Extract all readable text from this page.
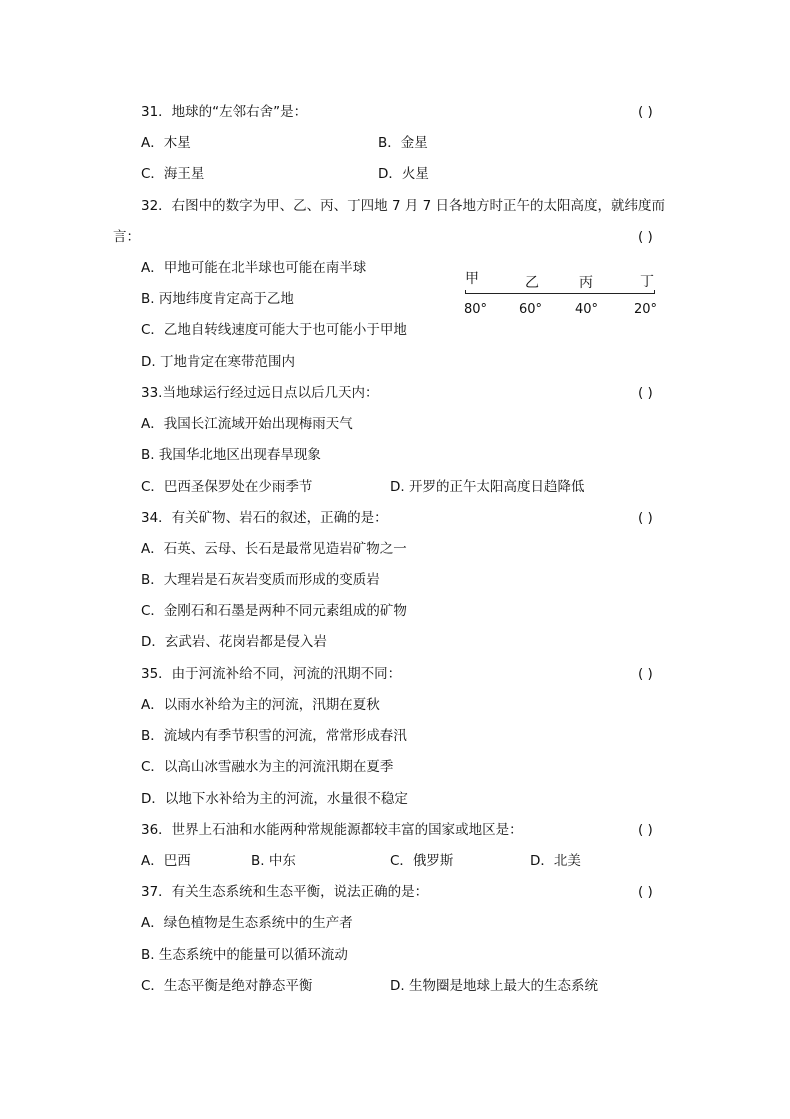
31．地球的“左邻右舍”是：	( )
A．木星	B．金星
C．海王星	D．火星
32．右图中的数字为甲、乙、丙、丁四地 7 月 7 日各地方时正午的太阳高度，就纬度而
言：	( )
A．甲地可能在北半球也可能在南半球
B. 丙地纬度肯定高于乙地
C．乙地自转线速度可能大于也可能小于甲地
D. 丁地肯定在寒带范围内
甲	乙	丙	丁
80° 60°	40°	20°
33.当地球运行经过远日点以后几天内：	( )
A．我国长江流域开始出现梅雨天气
B. 我国华北地区出现春旱现象
C．巴西圣保罗处在少雨季节	D. 开罗的正午太阳高度日趋降低
34．有关矿物、岩石的叙述，正确的是：	( )
A．石英、云母、长石是最常见造岩矿物之一
B．大理岩是石灰岩变质而形成的变质岩
C．金刚石和石墨是两种不同元素组成的矿物
D．玄武岩、花岗岩都是侵入岩
35．由于河流补给不同，河流的汛期不同：	( )
A．以雨水补给为主的河流，汛期在夏秋
B．流域内有季节积雪的河流，常常形成春汛
C．以高山冰雪融水为主的河流汛期在夏季
D．以地下水补给为主的河流，水量很不稳定
36．世界上石油和水能两种常规能源都较丰富的国家或地区是：	( )
A．巴西	B. 中东	C．俄罗斯	D．北美
37．有关生态系统和生态平衡，说法正确的是：	( )
A．绿色植物是生态系统中的生产者
B. 生态系统中的能量可以循环流动
C．生态平衡是绝对静态平衡	D. 生物圈是地球上最大的生态系统
